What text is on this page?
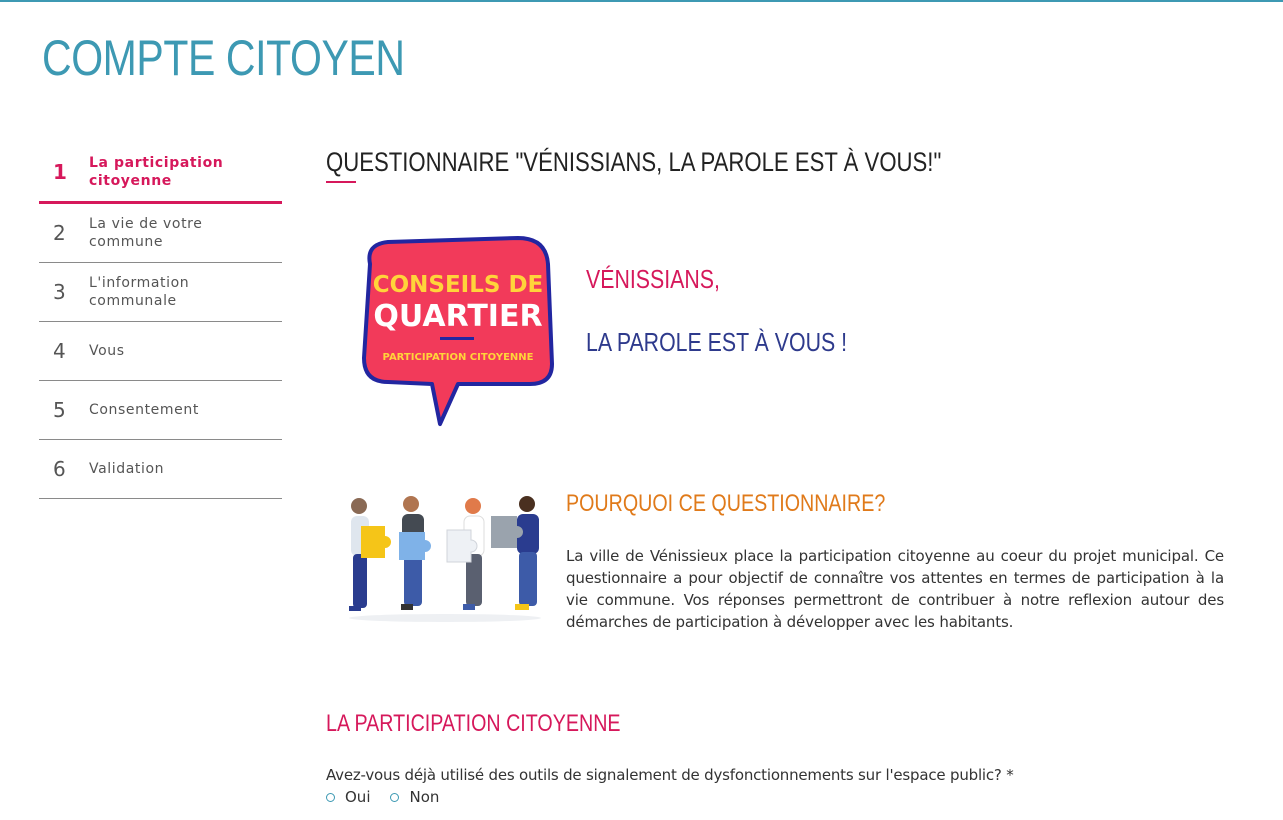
COMPTE CITOYEN
1 La participation citoyenne
2 La vie de votre commune
3 L'information communale
4 Vous
5 Consentement
6 Validation
QUESTIONNAIRE "VÉNISSIANS, LA PAROLE EST À VOUS!"
CONSEILS DE
QUARTIER
PARTICIPATION CITOYENNE
VÉNISSIANS,
LA PAROLE EST À VOUS !
POURQUOI CE QUESTIONNAIRE?

La ville de Vénissieux place la participation citoyenne au coeur du projet municipal. Ce questionnaire a pour objectif de connaître vos attentes en termes de participation à la vie commune. Vos réponses permettront de contribuer à notre reflexion autour des démarches de participation à développer avec les habitants.

LA PARTICIPATION CITOYENNE

Avez-vous déjà utilisé des outils de signalement de dysfonctionnements sur l'espace public? *

Oui	Non
